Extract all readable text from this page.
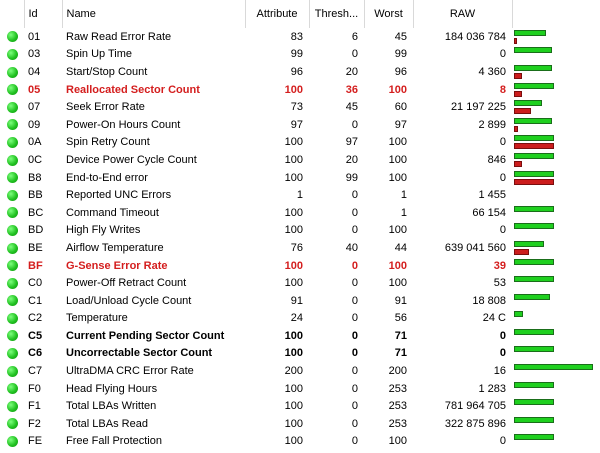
	Id	Name	Attribute	Thresh...	Worst	RAW	
	01	Raw Read Error Rate	83	6	45	184 036 784	

	03	Spin Up Time	99	0	99	0	

	04	Start/Stop Count	96	20	96	4 360	

	05	Reallocated Sector Count	100	36	100	8	

	07	Seek Error Rate	73	45	60	21 197 225	

	09	Power-On Hours Count	97	0	97	2 899	

	0A	Spin Retry Count	100	97	100	0	

	0C	Device Power Cycle Count	100	20	100	846	

	B8	End-to-End error	100	99	100	0	

	BB	Reported UNC Errors	1	0	1	1 455	

	BC	Command Timeout	100	0	1	66 154	

	BD	High Fly Writes	100	0	100	0	

	BE	Airflow Temperature	76	40	44	639 041 560	

	BF	G-Sense Error Rate	100	0	100	39	

	C0	Power-Off Retract Count	100	0	100	53	

	C1	Load/Unload Cycle Count	91	0	91	18 808	

	C2	Temperature	24	0	56	24 C	

	C5	Current Pending Sector Count	100	0	71	0	

	C6	Uncorrectable Sector Count	100	0	71	0	

	C7	UltraDMA CRC Error Rate	200	0	200	16	

	F0	Head Flying Hours	100	0	253	1 283	

	F1	Total LBAs Written	100	0	253	781 964 705	

	F2	Total LBAs Read	100	0	253	322 875 896	

	FE	Free Fall Protection	100	0	100	0	
